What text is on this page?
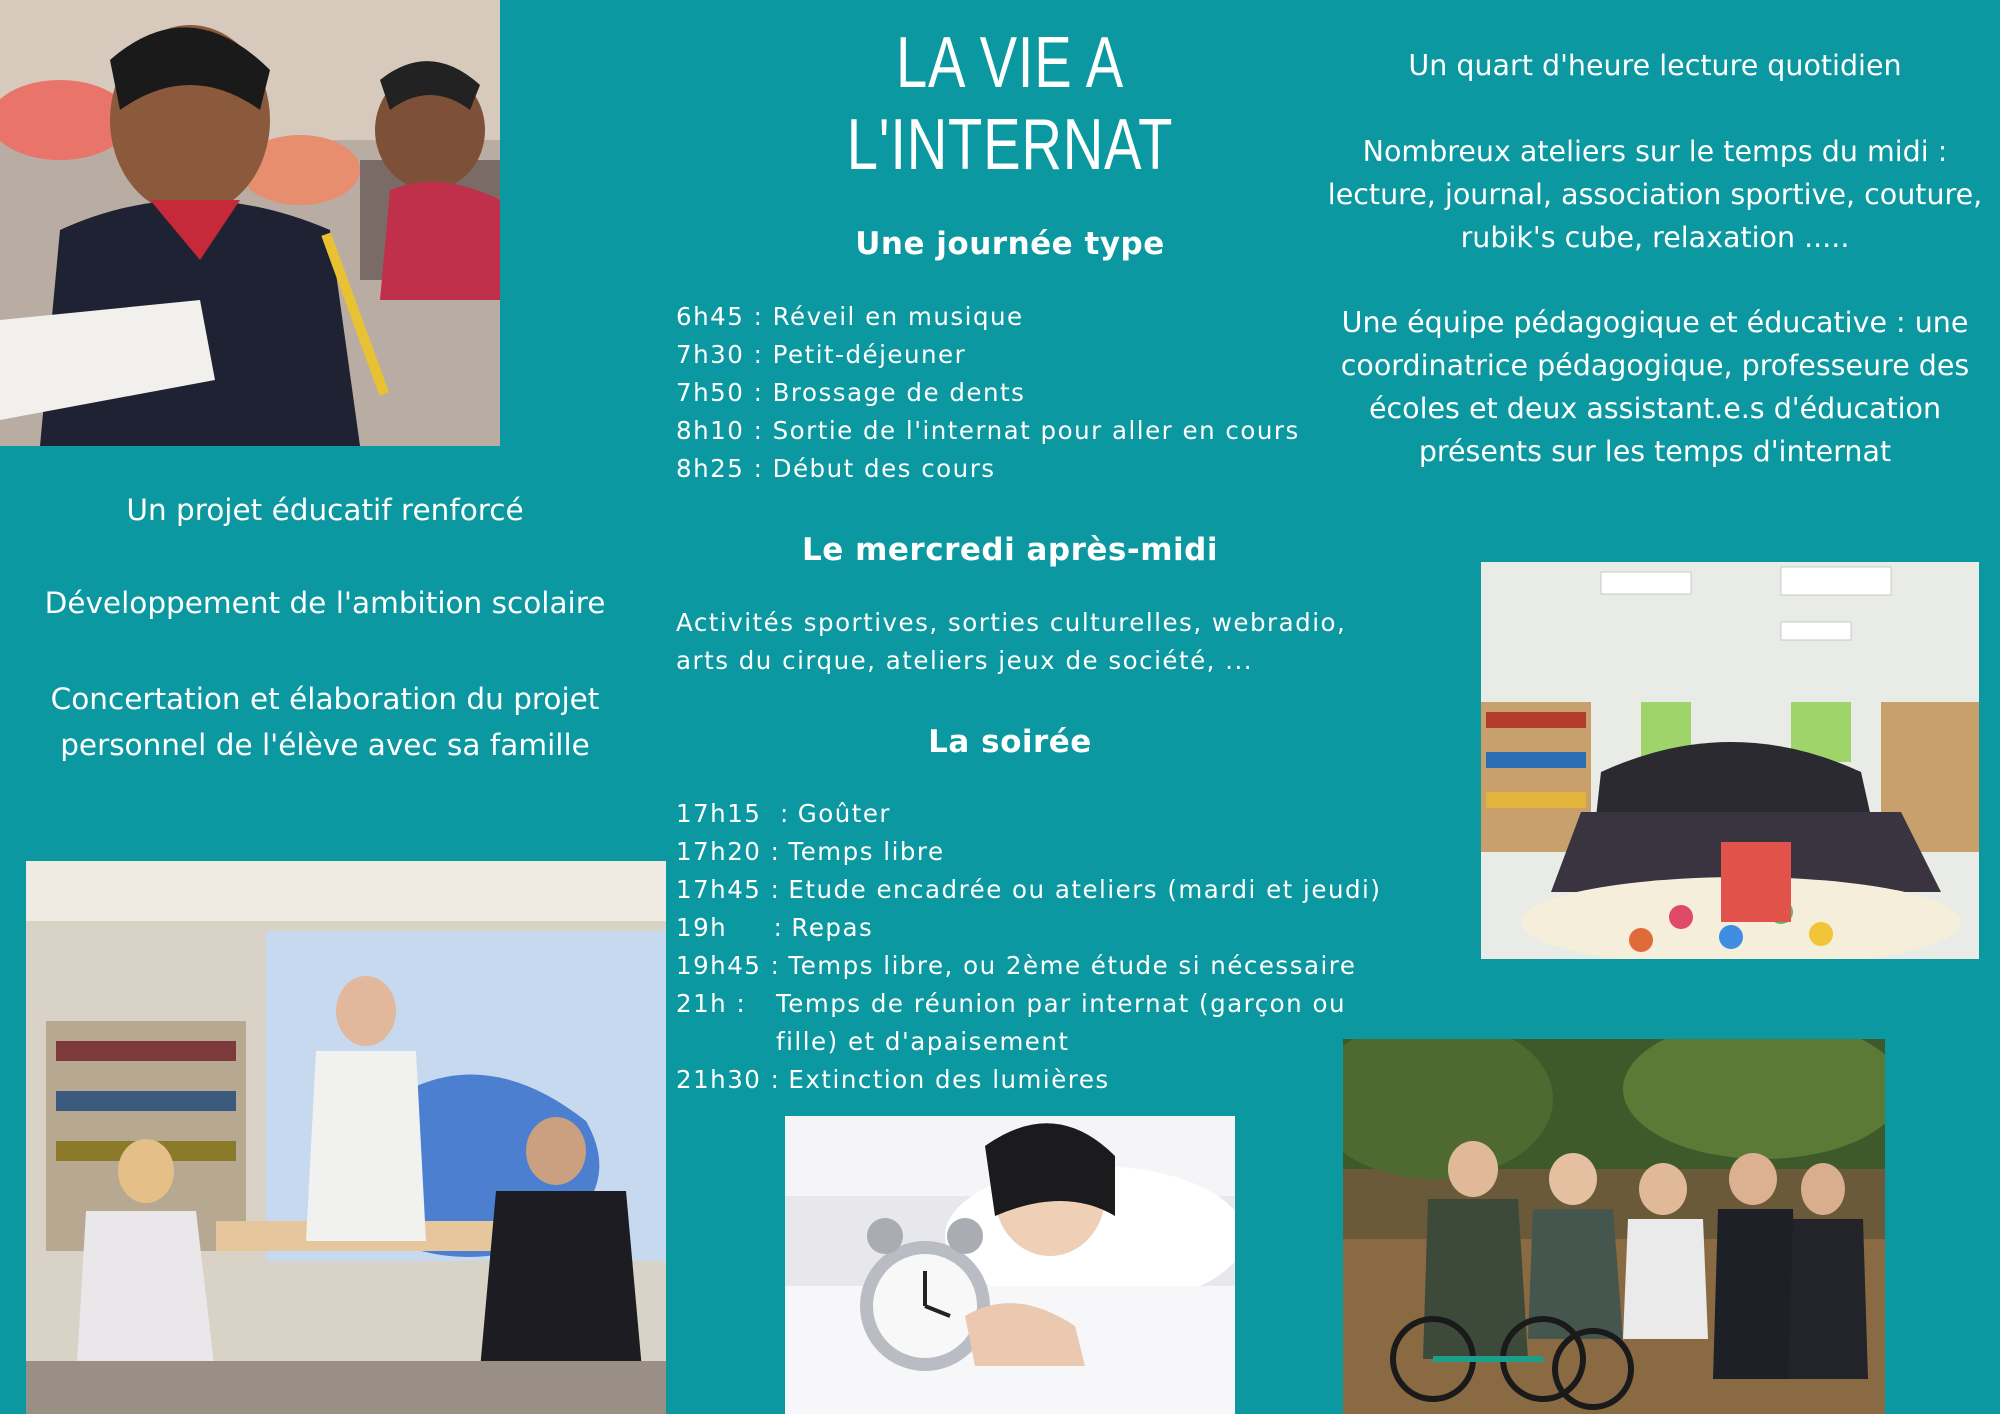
LA VIE A L'INTERNAT

Un projet éducatif renforcé

Développement de l'ambition scolaire

Concertation et élaboration du projet personnel de l'élève avec sa famille

Un quart d'heure lecture quotidien

Nombreux ateliers sur le temps du midi : lecture, journal, association sportive, couture, rubik's cube, relaxation .....

Une équipe pédagogique et éducative : une coordinatrice pédagogique, professeure des écoles et deux assistant.e.s d'éducation présents sur les temps d'internat

Une journée type
6h45 : Réveil en musique
7h30 : Petit-déjeuner
7h50 : Brossage de dents
8h10 : Sortie de l'internat pour aller en cours
8h25 : Début des cours
Le mercredi après-midi
Activités sportives, sorties culturelles, webradio,
arts du cirque, ateliers jeux de société, ...
La soirée
17h15  : Goûter
17h20 : Temps libre
17h45 : Etude encadrée ou ateliers (mardi et jeudi)
19h     : Repas
19h45 : Temps libre, ou 2ème étude si nécessaire
21h :
Temps de réunion par internat (garçon ou

fille) et d'apaisement
21h30 : Extinction des lumières
